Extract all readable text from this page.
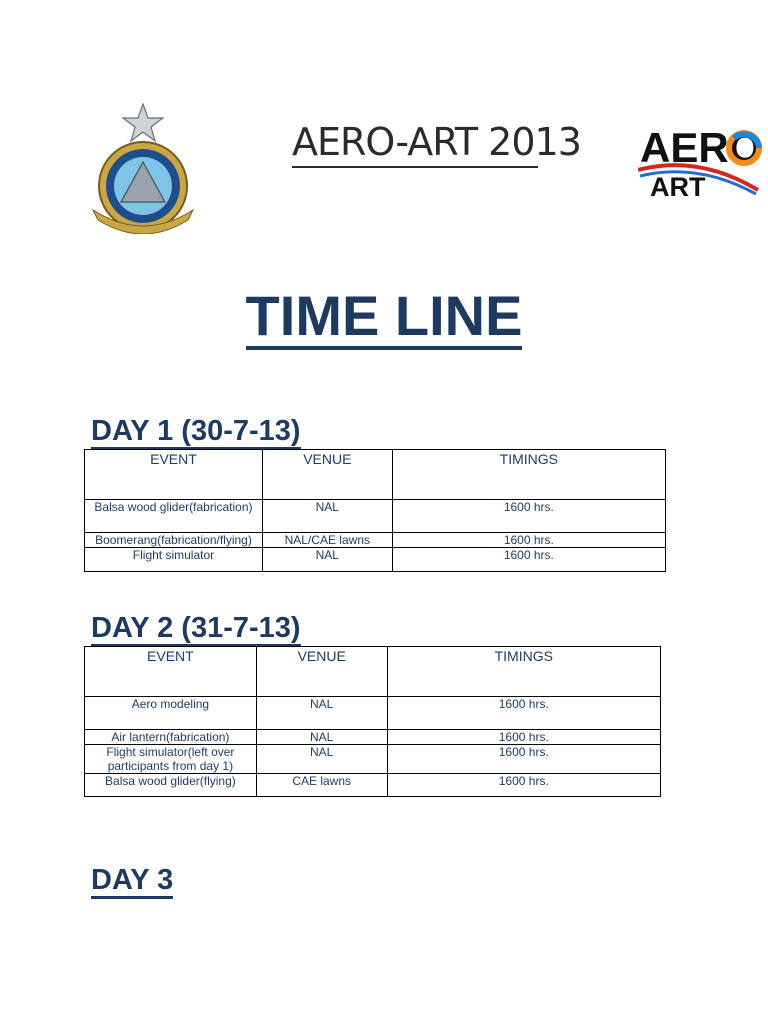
AERO-ART 2013 AERO
ART
TIME LINE
DAY 1 (30-7-13)
EVENT	VENUE	TIMINGS
Balsa wood glider(fabrication)	NAL	1600 hrs.
Boomerang(fabrication/flying)	NAL/CAE lawns	1600 hrs.
Flight simulator	NAL	1600 hrs.
DAY 2 (31-7-13)
EVENT	VENUE	TIMINGS
Aero modeling	NAL	1600 hrs.
Air lantern(fabrication)	NAL	1600 hrs.
Flight simulator(left over participants from day 1)	NAL	1600 hrs.
Balsa wood glider(flying)	CAE lawns	1600 hrs.
DAY 3
